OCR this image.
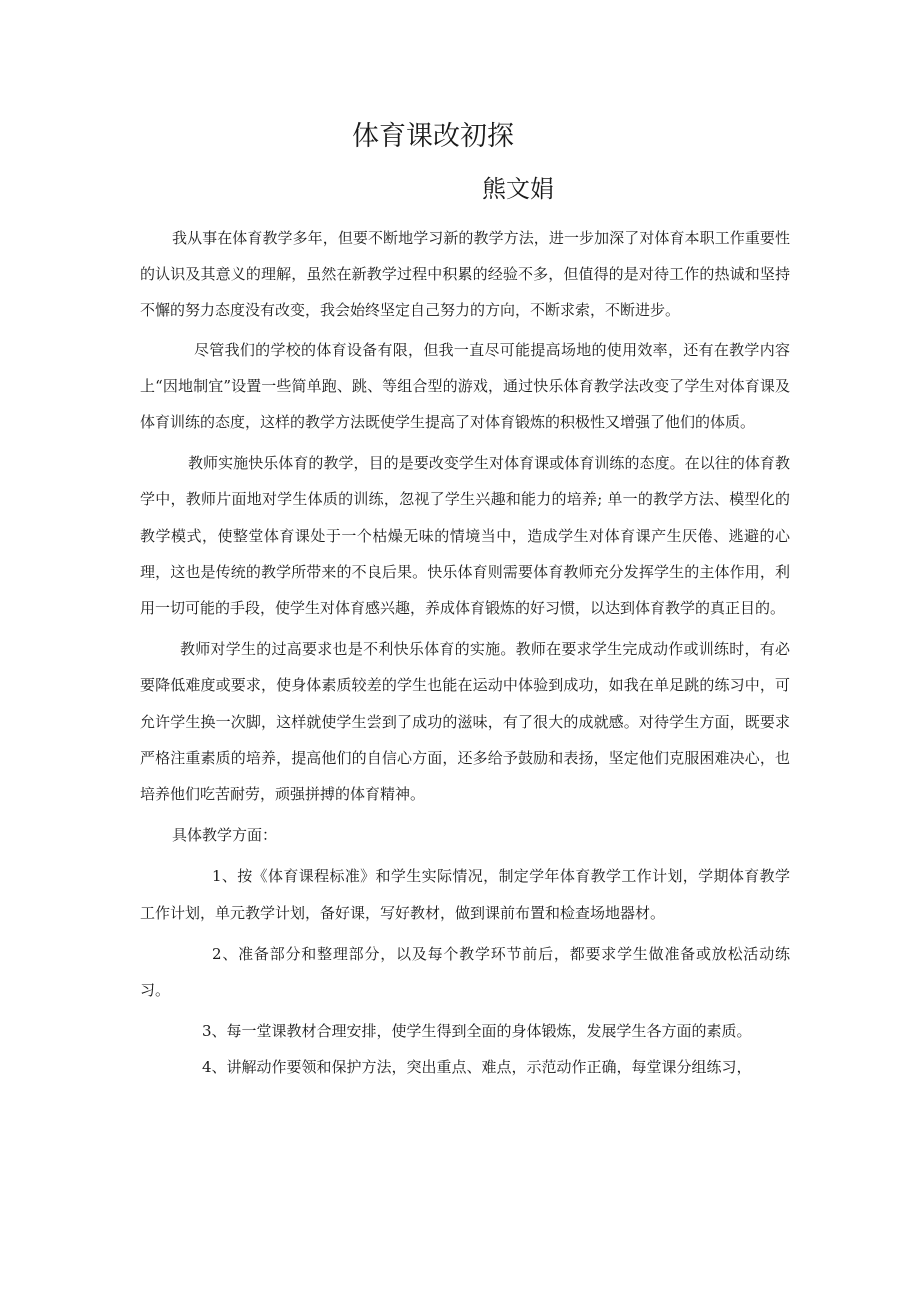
体育课改初探
熊文娟

我从事在体育教学多年，但要不断地学习新的教学方法，进一步加深了对体育本职工作重要性的认识及其意义的理解，虽然在新教学过程中积累的经验不多，但值得的是对待工作的热诚和坚持不懈的努力态度没有改变，我会始终坚定自己努力的方向，不断求索，不断进步。

尽管我们的学校的体育设备有限，但我一直尽可能提高场地的使用效率，还有在教学内容上“因地制宜”设置一些简单跑、跳、等组合型的游戏，通过快乐体育教学法改变了学生对体育课及体育训练的态度，这样的教学方法既使学生提高了对体育锻炼的积极性又增强了他们的体质。

教师实施快乐体育的教学，目的是要改变学生对体育课或体育训练的态度。在以往的体育教学中，教师片面地对学生体质的训练，忽视了学生兴趣和能力的培养; 单一的教学方法、模型化的教学模式，使整堂体育课处于一个枯燥无味的情境当中，造成学生对体育课产生厌倦、逃避的心理，这也是传统的教学所带来的不良后果。快乐体育则需要体育教师充分发挥学生的主体作用，利用一切可能的手段，使学生对体育感兴趣，养成体育锻炼的好习惯，以达到体育教学的真正目的。

教师对学生的过高要求也是不利快乐体育的实施。教师在要求学生完成动作或训练时，有必要降低难度或要求，使身体素质较差的学生也能在运动中体验到成功，如我在单足跳的练习中，可允许学生换一次脚，这样就使学生尝到了成功的滋味，有了很大的成就感。对待学生方面，既要求严格注重素质的培养，提高他们的自信心方面，还多给予鼓励和表扬，坚定他们克服困难决心，也培养他们吃苦耐劳，顽强拼搏的体育精神。

具体教学方面：

1、按《体育课程标准》和学生实际情况，制定学年体育教学工作计划，学期体育教学工作计划，单元教学计划，备好课，写好教材，做到课前布置和检查场地器材。

2、准备部分和整理部分，以及每个教学环节前后，都要求学生做准备或放松活动练习。

3、每一堂课教材合理安排，使学生得到全面的身体锻炼，发展学生各方面的素质。

4、讲解动作要领和保护方法，突出重点、难点，示范动作正确，每堂课分组练习，
